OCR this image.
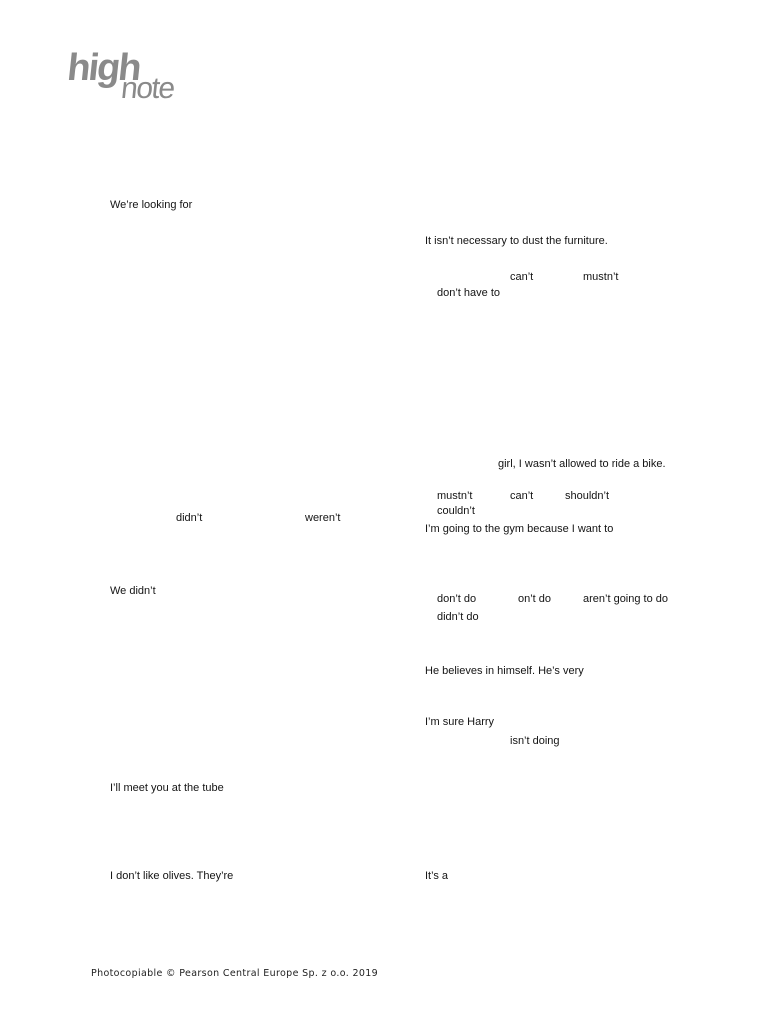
high
note
We’re looking for
didn’t	weren’t
We didn’t
I’ll meet you at the tube
I don’t like olives. They’re
It isn’t necessary to dust the furniture.
can’t	mustn’t
don’t have to
girl, I wasn’t allowed to ride a bike.
mustn’t	can’t	shouldn’t
couldn’t
I’m going to the gym because I want to
don’t do	on’t do	aren’t going to do
didn’t do
He believes in himself. He’s very
I’m sure Harry
isn’t doing
It’s a
Photocopiable © Pearson Central Europe Sp. z o.o. 2019
